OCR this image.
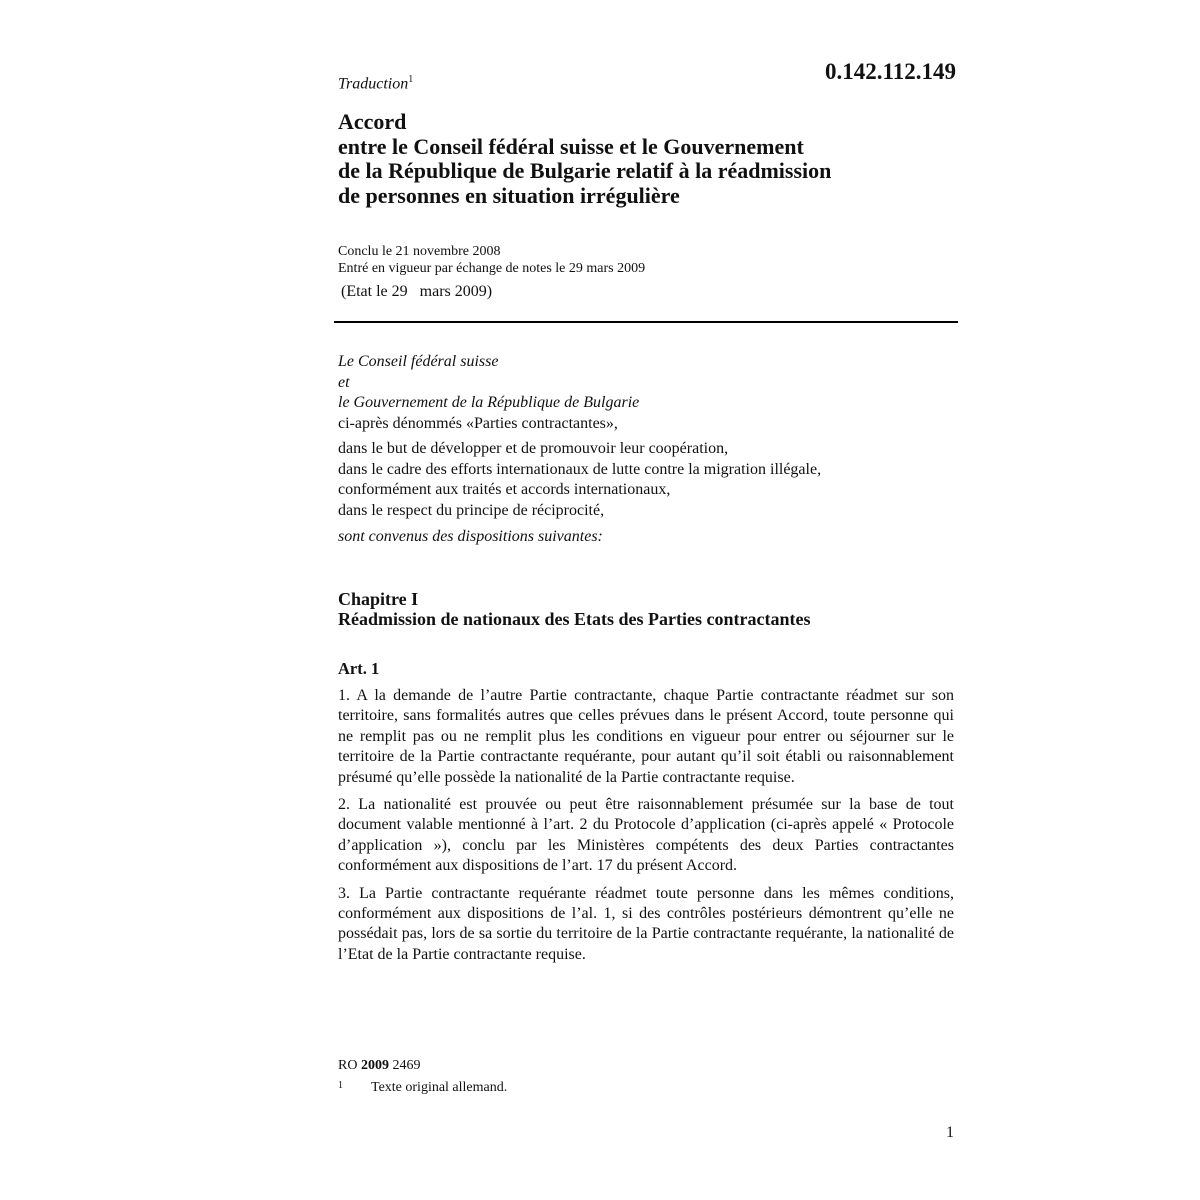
Traduction$^1$	0.142.112.149
Accord
entre le Conseil fédéral suisse et le Gouvernement
de la République de Bulgarie relatif à la réadmission
de personnes en situation irrégulière
Conclu le 21 novembre 2008
Entré en vigueur par échange de notes le 29 mars 2009
(Etat le 29   mars 2009)
Le Conseil fédéral suisse
et
le Gouvernement de la République de Bulgarie
ci-après dénommés «Parties contractantes»,
dans le but de développer et de promouvoir leur coopération,
dans le cadre des efforts internationaux de lutte contre la migration illégale,
conformément aux traités et accords internationaux,
dans le respect du principe de réciprocité,
sont convenus des dispositions suivantes:
Chapitre I
Réadmission de nationaux des Etats des Parties contractantes
Art. 1

1. A la demande de l’autre Partie contractante, chaque Partie contractante réadmet sur son territoire, sans formalités autres que celles prévues dans le présent Accord, toute personne qui ne remplit pas ou ne remplit plus les conditions en vigueur pour entrer ou séjourner sur le territoire de la Partie contractante requérante, pour autant qu’il soit établi ou raisonnablement présumé qu’elle possède la nationalité de la Partie contractante requise.

2. La nationalité est prouvée ou peut être raisonnablement présumée sur la base de tout document valable mentionné à l’art. 2 du Protocole d’application (ci-après appelé « Protocole d’application »), conclu par les Ministères compétents des deux Parties contractantes conformément aux dispositions de l’art. 17 du présent Accord.

3. La Partie contractante requérante réadmet toute personne dans les mêmes conditions, conformément aux dispositions de l’al. 1, si des contrôles postérieurs démontrent qu’elle ne possédait pas, lors de sa sortie du territoire de la Partie contractante requérante, la nationalité de l’Etat de la Partie contractante requise.

RO 2009 2469
1 Texte original allemand.
1
